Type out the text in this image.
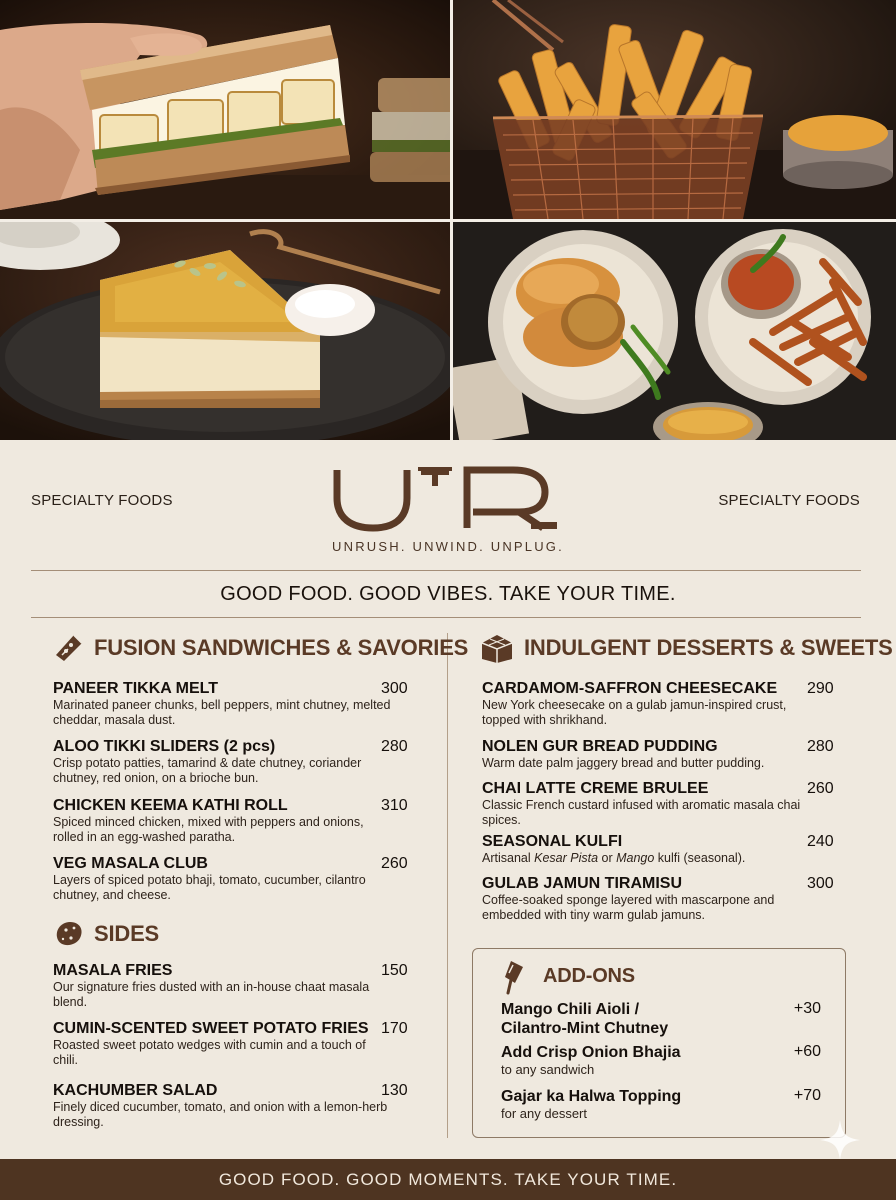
SPECIALTY FOODS	SPECIALTY FOODS
UNRUSH. UNWIND. UNPLUG.
GOOD FOOD. GOOD VIBES. TAKE YOUR TIME.
FUSION SANDWICHES & SAVORIES
PANEER TIKKA MELT
Marinated paneer chunks, bell peppers, mint chutney, melted cheddar, masala dust.
300
ALOO TIKKI SLIDERS (2 pcs)
Crisp potato patties, tamarind & date chutney, coriander chutney, red onion, on a brioche bun.
280
CHICKEN KEEMA KATHI ROLL
Spiced minced chicken, mixed with peppers and onions, rolled in an egg-washed paratha.
310
VEG MASALA CLUB
Layers of spiced potato bhaji, tomato, cucumber, cilantro chutney, and cheese.
260
SIDES
MASALA FRIES
Our signature fries dusted with an in-house chaat masala blend.
150
CUMIN-SCENTED SWEET POTATO FRIES
Roasted sweet potato wedges with cumin and a touch of chili.
170
KACHUMBER SALAD
Finely diced cucumber, tomato, and onion with a lemon-herb dressing.
130
INDULGENT DESSERTS & SWEETS
CARDAMOM-SAFFRON CHEESECAKE
New York cheesecake on a gulab jamun-inspired crust, topped with shrikhand.
290
NOLEN GUR BREAD PUDDING
Warm date palm jaggery bread and butter pudding.
280
CHAI LATTE CREME BRULEE
Classic French custard infused with aromatic masala chai spices.
260
SEASONAL KULFI
Artisanal Kesar Pista or Mango kulfi (seasonal).
240
GULAB JAMUN TIRAMISU
Coffee-soaked sponge layered with mascarpone and embedded with tiny warm gulab jamuns.
300
ADD-ONS
Mango Chili Aioli /
Cilantro-Mint Chutney
+30
Add Crisp Onion Bhajia
to any sandwich
+60
Gajar ka Halwa Topping
for any dessert
+70
GOOD FOOD. GOOD MOMENTS. TAKE YOUR TIME.
